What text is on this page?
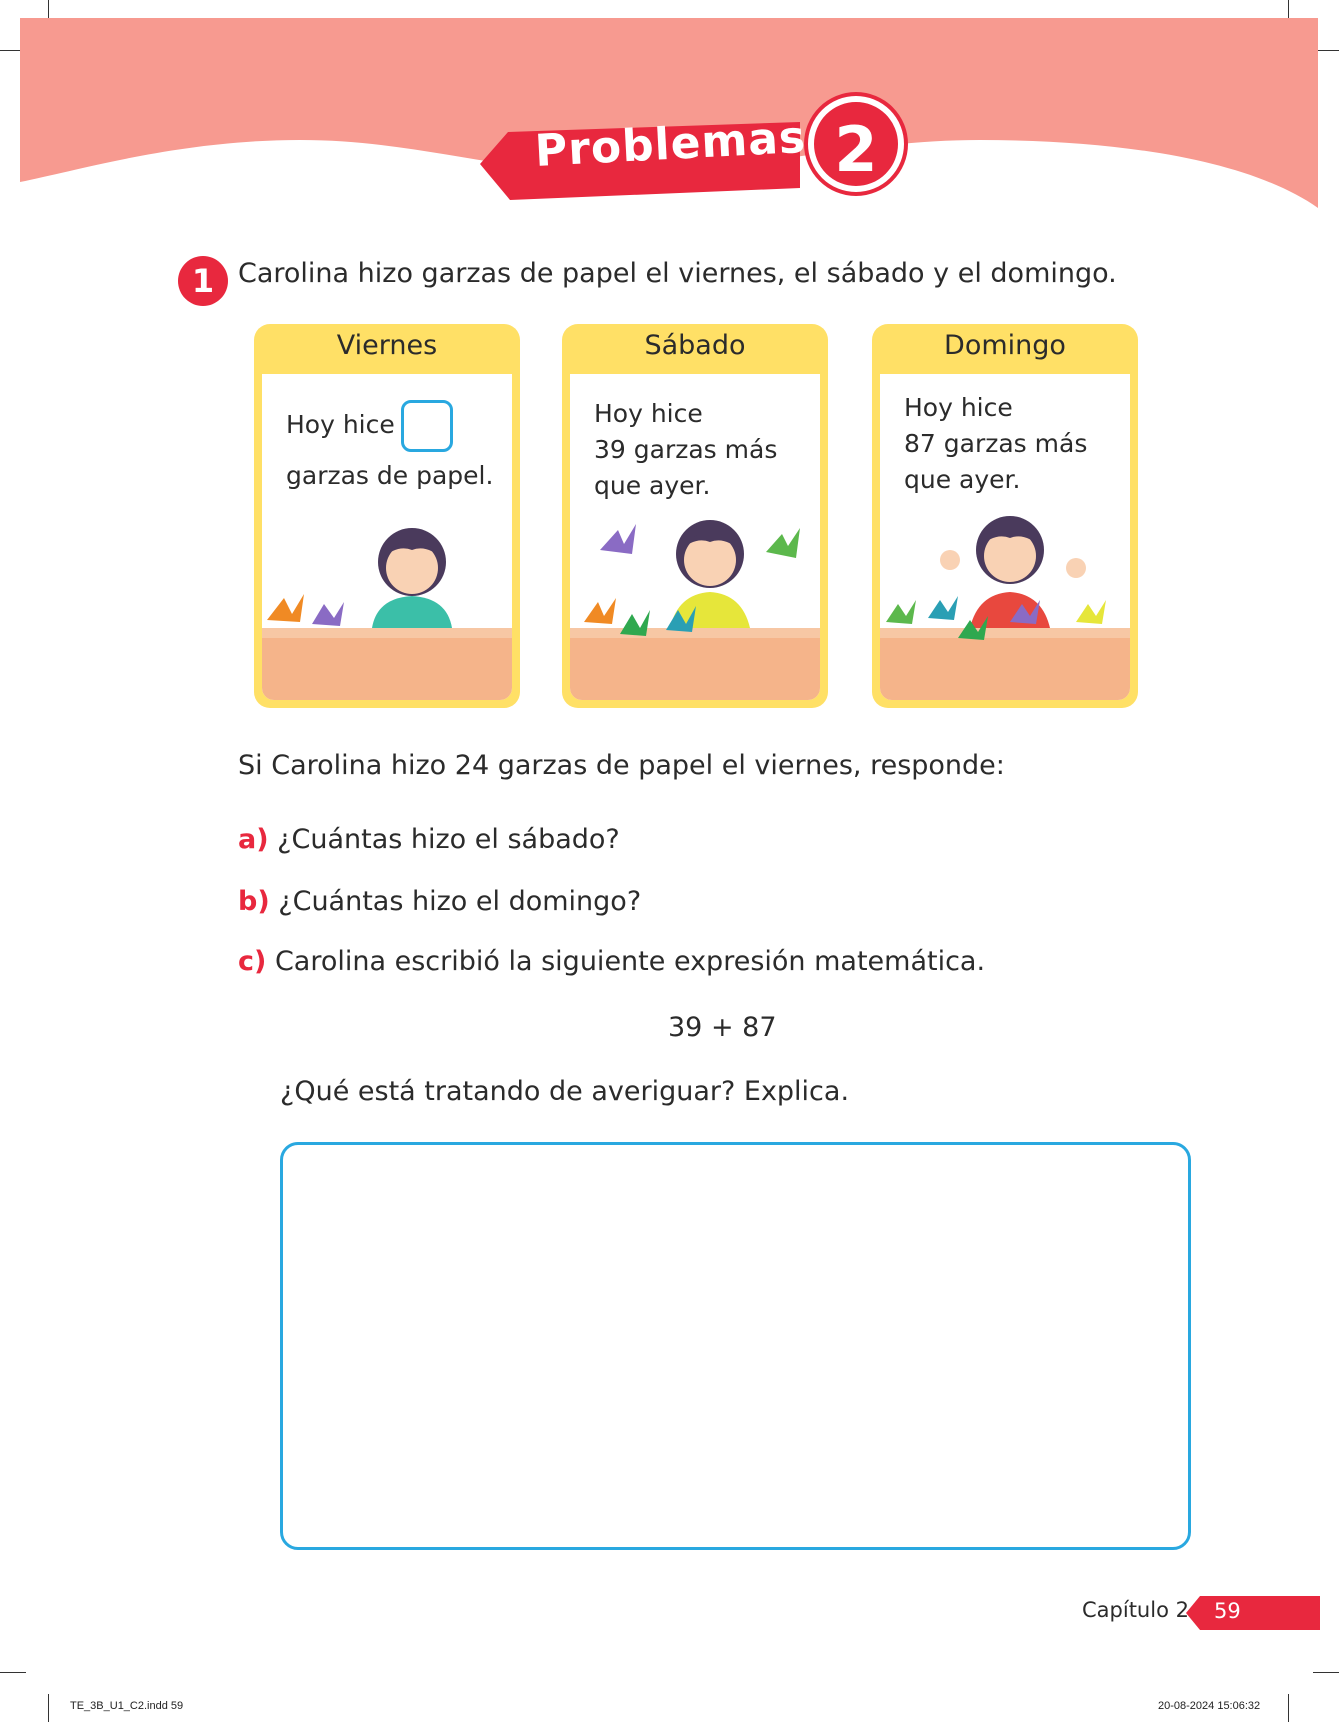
Problemas 2
1 Carolina hizo garzas de papel el viernes, el sábado y el domingo.
Viernes
Hoy hice
garzas de papel.
Sábado
Hoy hice
39 garzas más
que ayer.
Domingo
Hoy hice
87 garzas más
que ayer.
Si Carolina hizo 24 garzas de papel el viernes, responde:
a) ¿Cuántas hizo el sábado?
b) ¿Cuántas hizo el domingo?
c) Carolina escribió la siguiente expresión matemática.
39 + 87
¿Qué está tratando de averiguar? Explica.
Capítulo 2 59
TE_3B_U1_C2.indd 59	20-08-2024 15:06:32
